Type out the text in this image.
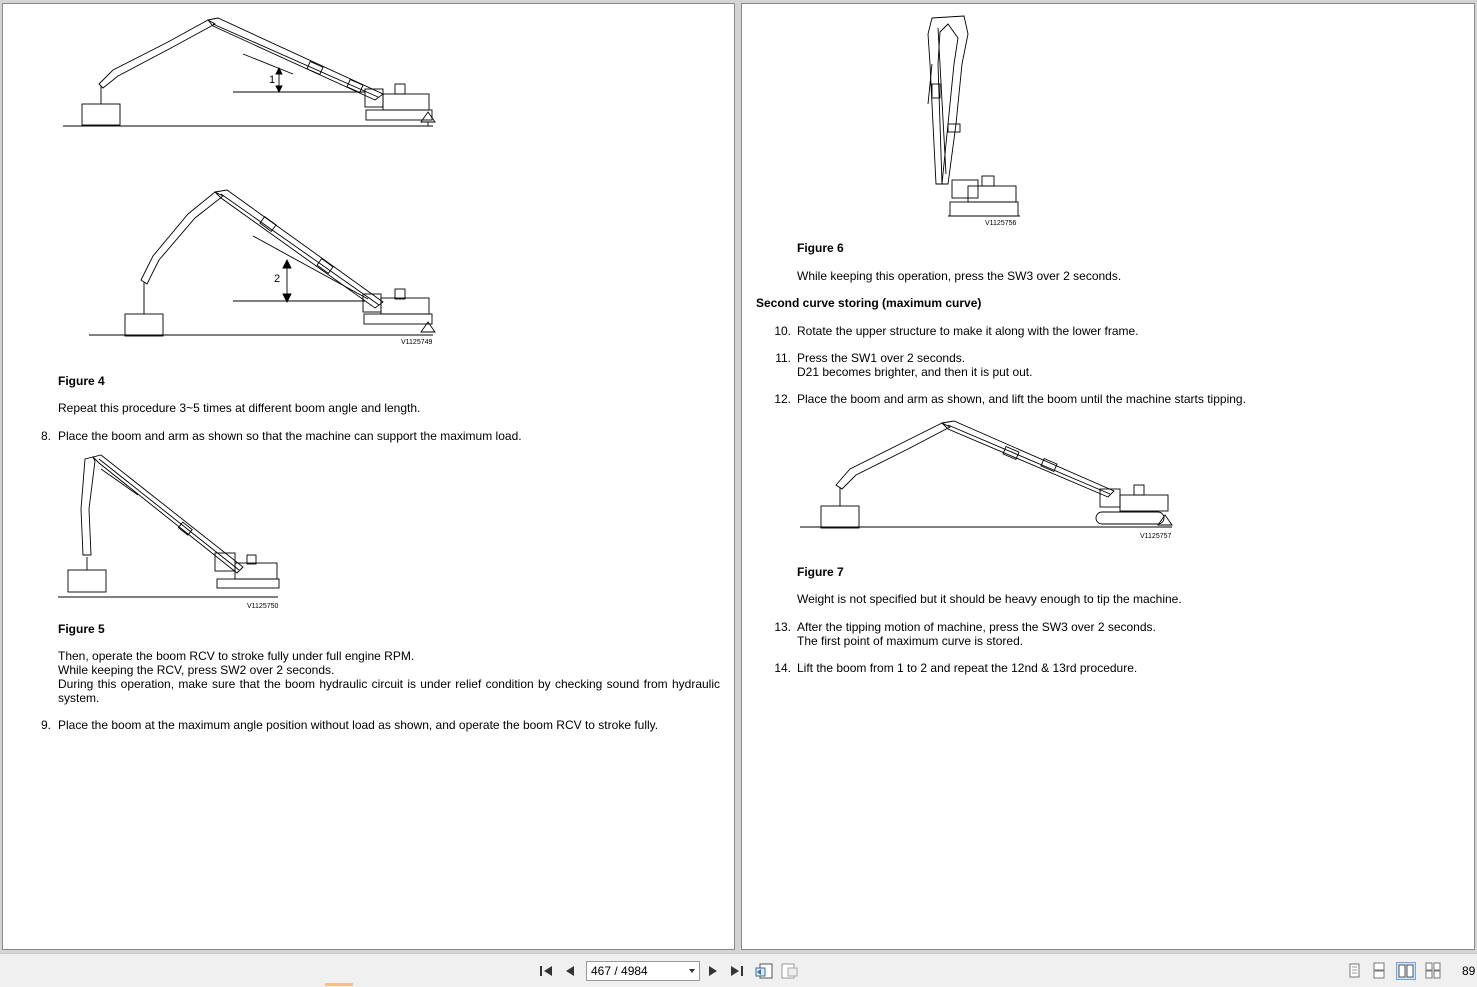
1
2
V1125749
Figure 4
Repeat this procedure 3~5 times at different boom angle and length.
8. Place the boom and arm as shown so that the machine can support the maximum load.
V1125750
Figure 5
Then, operate the boom RCV to stroke fully under full engine RPM.
While keeping the RCV, press SW2 over 2 seconds.
During this operation, make sure that the boom hydraulic circuit is under relief condition by checking sound from hydraulic system.
9. Place the boom at the maximum angle position without load as shown, and operate the boom RCV to stroke fully.
V1125756
Figure 6
While keeping this operation, press the SW3 over 2 seconds.
Second curve storing (maximum curve)
10. Rotate the upper structure to make it along with the lower frame.
11. Press the SW1 over 2 seconds.
D21 becomes brighter, and then it is put out.
12. Place the boom and arm as shown, and lift the boom until the machine starts tipping.
V1125757
Figure 7
Weight is not specified but it should be heavy enough to tip the machine.
13. After the tipping motion of machine, press the SW3 over 2 seconds.
The first point of maximum curve is stored.
14. Lift the boom from 1 to 2 and repeat the 12nd & 13rd procedure.
467 / 4984	89
